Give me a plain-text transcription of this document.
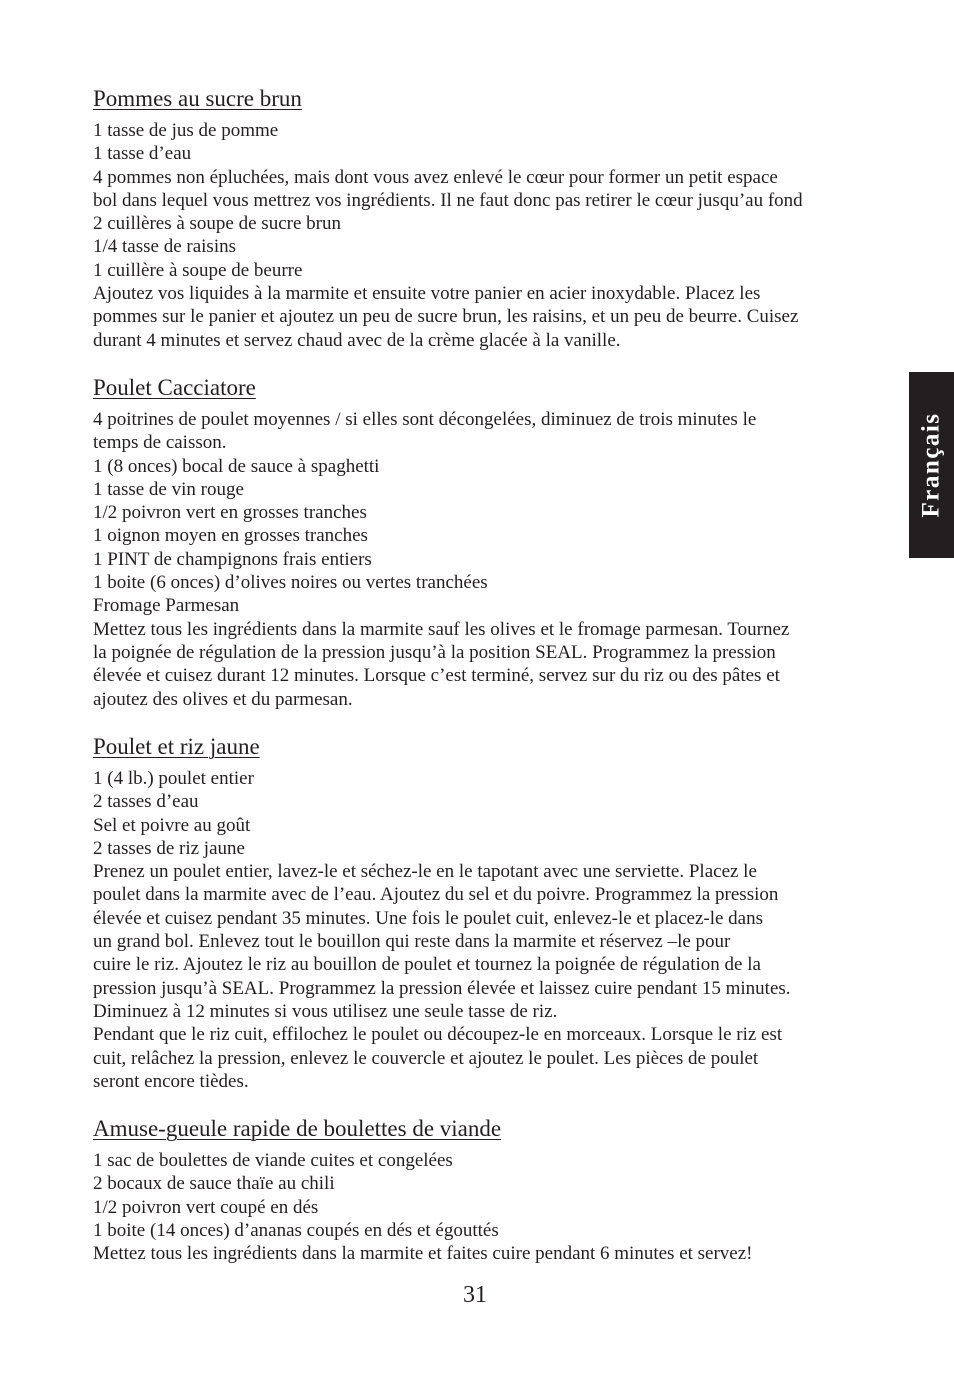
Pommes au sucre brun
1 tasse de jus de pomme
1 tasse d’eau
4 pommes non épluchées, mais dont vous avez enlevé le cœur pour former un petit espace
bol dans lequel vous mettrez vos ingrédients. Il ne faut donc pas retirer le cœur jusqu’au fond
2 cuillères à soupe de sucre brun
1/4 tasse de raisins
1 cuillère à soupe de beurre
Ajoutez vos liquides à la marmite et ensuite votre panier en acier inoxydable. Placez les
pommes sur le panier et ajoutez un peu de sucre brun, les raisins, et un peu de beurre. Cuisez
durant 4 minutes et servez chaud avec de la crème glacée à la vanille.
Poulet Cacciatore
4 poitrines de poulet moyennes / si elles sont décongelées, diminuez de trois minutes le
temps de caisson.
1 (8 onces) bocal de sauce à spaghetti
1 tasse de vin rouge
1/2 poivron vert en grosses tranches
1 oignon moyen en grosses tranches
1 PINT de champignons frais entiers
1 boite (6 onces) d’olives noires ou vertes tranchées
Fromage Parmesan
Mettez tous les ingrédients dans la marmite sauf les olives et le fromage parmesan. Tournez
la poignée de régulation de la pression jusqu’à la position SEAL. Programmez la pression
élevée et cuisez durant 12 minutes. Lorsque c’est terminé, servez sur du riz ou des pâtes et
ajoutez des olives et du parmesan.
Poulet et riz jaune
1 (4 lb.) poulet entier
2 tasses d’eau
Sel et poivre au goût
2 tasses de riz jaune
Prenez un poulet entier, lavez-le et séchez-le en le tapotant avec une serviette. Placez le
poulet dans la marmite avec de l’eau. Ajoutez du sel et du poivre. Programmez la pression
élevée et cuisez pendant 35 minutes. Une fois le poulet cuit, enlevez-le et placez-le dans
un grand bol. Enlevez tout le bouillon qui reste dans la marmite et réservez –le pour
cuire le riz. Ajoutez le riz au bouillon de poulet et tournez la poignée de régulation de la
pression jusqu’à SEAL. Programmez la pression élevée et laissez cuire pendant 15 minutes.
Diminuez à 12 minutes si vous utilisez une seule tasse de riz.
Pendant que le riz cuit, effilochez le poulet ou découpez-le en morceaux. Lorsque le riz est
cuit, relâchez la pression, enlevez le couvercle et ajoutez le poulet. Les pièces de poulet
seront encore tièdes.
Amuse-gueule rapide de boulettes de viande
1 sac de boulettes de viande cuites et congelées
2 bocaux de sauce thaïe au chili
1/2 poivron vert coupé en dés
1 boite (14 onces) d’ananas coupés en dés et égouttés
Mettez tous les ingrédients dans la marmite et faites cuire pendant 6 minutes et servez!
31
Français
